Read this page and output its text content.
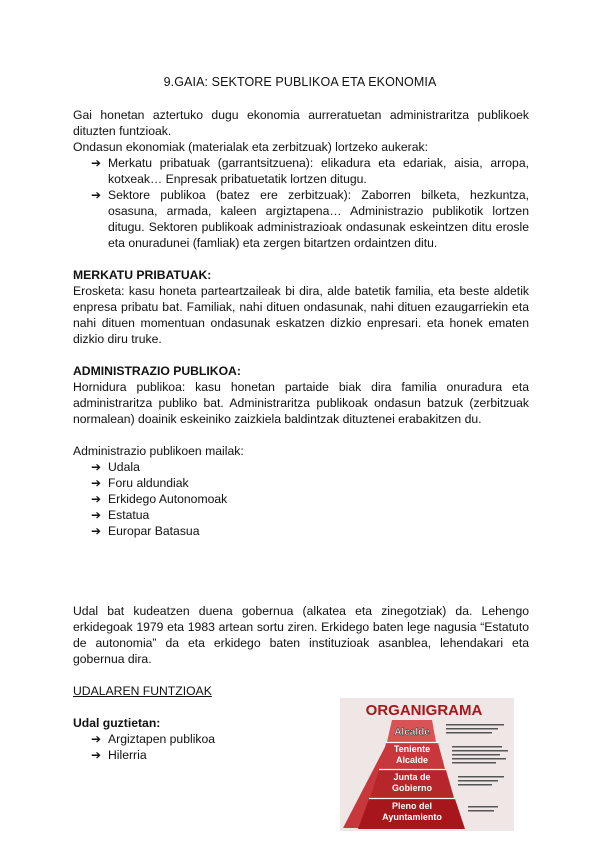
9.GAIA: SEKTORE PUBLIKOA ETA EKONOMIA
Gai honetan aztertuko dugu ekonomia aurreratuetan administraritza publikoek dituzten funtzioak.
Ondasun ekonomiak (materialak eta zerbitzuak) lortzeko aukerak:
➔ Merkatu pribatuak (garrantsitzuena): elikadura eta edariak, aisia, arropa, kotxeak… Enpresak pribatuetatik lortzen ditugu.
➔ Sektore publikoa (batez ere zerbitzuak): Zaborren bilketa, hezkuntza, osasuna, armada, kaleen argiztapena… Administrazio publikotik lortzen ditugu. Sektoren publikoak administrazioak ondasunak eskeintzen ditu erosle eta onuradunei (famliak) eta zergen bitartzen ordaintzen ditu.
MERKATU PRIBATUAK:
Erosketa: kasu honeta parteartzaileak bi dira, alde batetik familia, eta beste aldetik enpresa pribatu bat. Familiak, nahi dituen ondasunak, nahi dituen ezaugarriekin eta nahi dituen momentuan ondasunak eskatzen dizkio enpresari. eta honek ematen dizkio diru truke.
ADMINISTRAZIO PUBLIKOA:
Hornidura publikoa: kasu honetan partaide biak dira familia onuradura eta administraritza publiko bat. Administraritza publikoak ondasun batzuk (zerbitzuak normalean) doainik eskeiniko zaizkiela baldintzak dituztenei erabakitzen du.
Administrazio publikoen mailak:
➔ Udala
➔ Foru aldundiak
➔ Erkidego Autonomoak
➔ Estatua
➔ Europar Batasua
Udal bat kudeatzen duena gobernua (alkatea eta zinegotziak) da. Lehengo erkidegoak 1979 eta 1983 artean sortu ziren. Erkidego baten lege nagusia “Estatuto de autonomia” da eta erkidego baten instituzioak asanblea, lehendakari eta gobernua dira.
UDALAREN FUNTZIOAK
Udal guztietan:
➔ Argiztapen publikoa
➔ Hilerria
ORGANIGRAMA
Alcalde
Teniente Alcalde
Junta de Gobierno
Pleno del Ayuntamiento
